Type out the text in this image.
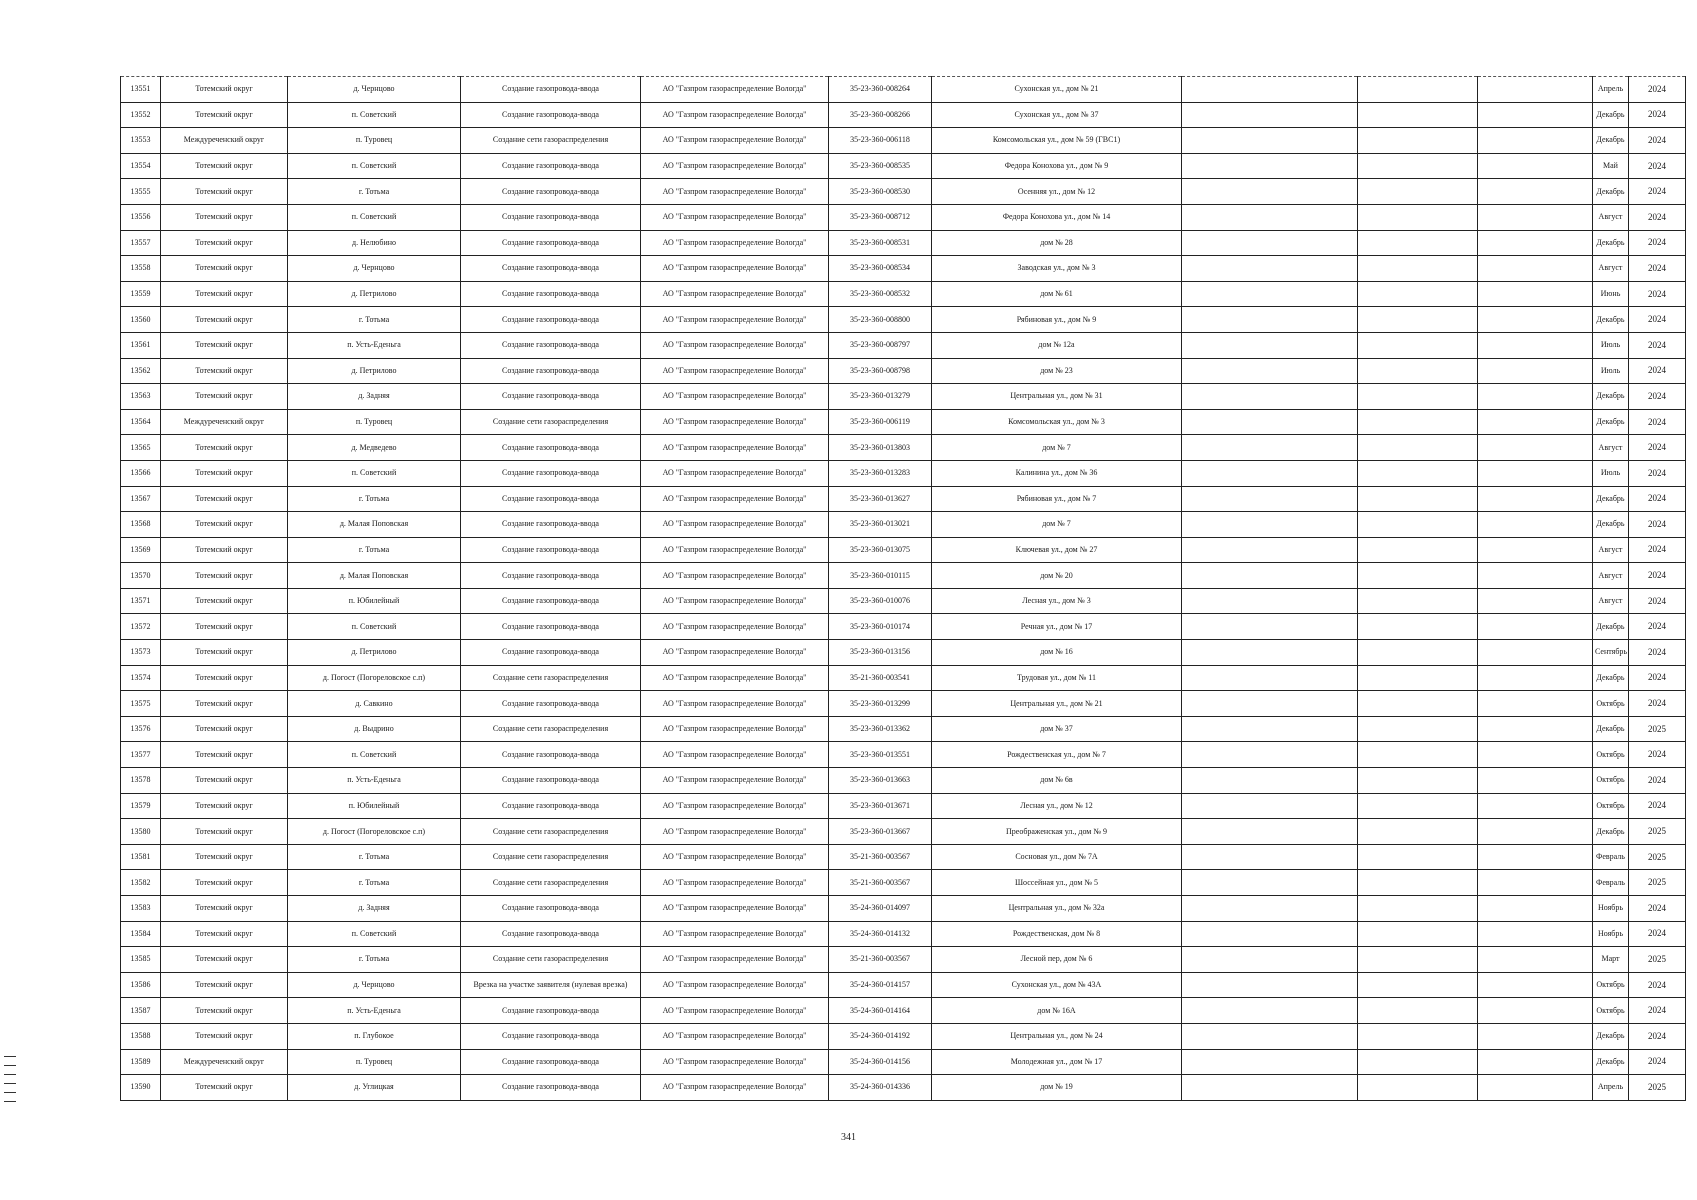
13551	Тотемский округ	д. Чернцово	Создание газопровода-ввода	АО "Газпром газораспределение Вологда"	35-23-360-008264	Сухонская ул., дом № 21				Апрель	2024
13552	Тотемский округ	п. Советский	Создание газопровода-ввода	АО "Газпром газораспределение Вологда"	35-23-360-008266	Сухонская ул., дом № 37				Декабрь	2024
13553	Междуреченский округ	п. Туровец	Создание сети газораспределения	АО "Газпром газораспределение Вологда"	35-23-360-006118	Комсомольская ул., дом № 59 (ГВС1)				Декабрь	2024
13554	Тотемский округ	п. Советский	Создание газопровода-ввода	АО "Газпром газораспределение Вологда"	35-23-360-008535	Федора Конохова ул., дом № 9				Май	2024
13555	Тотемский округ	г. Тотьма	Создание газопровода-ввода	АО "Газпром газораспределение Вологда"	35-23-360-008530	Осенняя ул., дом № 12				Декабрь	2024
13556	Тотемский округ	п. Советский	Создание газопровода-ввода	АО "Газпром газораспределение Вологда"	35-23-360-008712	Федора Конохова ул., дом № 14				Август	2024
13557	Тотемский округ	д. Нелюбино	Создание газопровода-ввода	АО "Газпром газораспределение Вологда"	35-23-360-008531	дом № 28				Декабрь	2024
13558	Тотемский округ	д. Чернцово	Создание газопровода-ввода	АО "Газпром газораспределение Вологда"	35-23-360-008534	Заводская ул., дом № 3				Август	2024
13559	Тотемский округ	д. Петрилово	Создание газопровода-ввода	АО "Газпром газораспределение Вологда"	35-23-360-008532	дом № 61				Июнь	2024
13560	Тотемский округ	г. Тотьма	Создание газопровода-ввода	АО "Газпром газораспределение Вологда"	35-23-360-008800	Рябиновая ул., дом № 9				Декабрь	2024
13561	Тотемский округ	п. Усть-Еденьга	Создание газопровода-ввода	АО "Газпром газораспределение Вологда"	35-23-360-008797	дом № 12а				Июль	2024
13562	Тотемский округ	д. Петрилово	Создание газопровода-ввода	АО "Газпром газораспределение Вологда"	35-23-360-008798	дом № 23				Июль	2024
13563	Тотемский округ	д. Задняя	Создание газопровода-ввода	АО "Газпром газораспределение Вологда"	35-23-360-013279	Центральная ул., дом № 31				Декабрь	2024
13564	Междуреченский округ	п. Туровец	Создание сети газораспределения	АО "Газпром газораспределение Вологда"	35-23-360-006119	Комсомольская ул., дом № 3				Декабрь	2024
13565	Тотемский округ	д. Медведево	Создание газопровода-ввода	АО "Газпром газораспределение Вологда"	35-23-360-013803	дом № 7				Август	2024
13566	Тотемский округ	п. Советский	Создание газопровода-ввода	АО "Газпром газораспределение Вологда"	35-23-360-013283	Калинина ул., дом № 36				Июль	2024
13567	Тотемский округ	г. Тотьма	Создание газопровода-ввода	АО "Газпром газораспределение Вологда"	35-23-360-013627	Рябиновая ул., дом № 7				Декабрь	2024
13568	Тотемский округ	д. Малая Поповская	Создание газопровода-ввода	АО "Газпром газораспределение Вологда"	35-23-360-013021	дом № 7				Декабрь	2024
13569	Тотемский округ	г. Тотьма	Создание газопровода-ввода	АО "Газпром газораспределение Вологда"	35-23-360-013075	Ключевая ул., дом № 27				Август	2024
13570	Тотемский округ	д. Малая Поповская	Создание газопровода-ввода	АО "Газпром газораспределение Вологда"	35-23-360-010115	дом № 20				Август	2024
13571	Тотемский округ	п. Юбилейный	Создание газопровода-ввода	АО "Газпром газораспределение Вологда"	35-23-360-010076	Лесная ул., дом № 3				Август	2024
13572	Тотемский округ	п. Советский	Создание газопровода-ввода	АО "Газпром газораспределение Вологда"	35-23-360-010174	Речная ул., дом № 17				Декабрь	2024
13573	Тотемский округ	д. Петрилово	Создание газопровода-ввода	АО "Газпром газораспределение Вологда"	35-23-360-013156	дом № 16				Сентябрь	2024
13574	Тотемский округ	д. Погост (Погореловское с.п)	Создание сети газораспределения	АО "Газпром газораспределение Вологда"	35-21-360-003541	Трудовая ул., дом № 11				Декабрь	2024
13575	Тотемский округ	д. Савкино	Создание газопровода-ввода	АО "Газпром газораспределение Вологда"	35-23-360-013299	Центральная ул., дом № 21				Октябрь	2024
13576	Тотемский округ	д. Выдрино	Создание сети газораспределения	АО "Газпром газораспределение Вологда"	35-23-360-013362	дом № 37				Декабрь	2025
13577	Тотемский округ	п. Советский	Создание газопровода-ввода	АО "Газпром газораспределение Вологда"	35-23-360-013551	Рождественская ул., дом № 7				Октябрь	2024
13578	Тотемский округ	п. Усть-Еденьга	Создание газопровода-ввода	АО "Газпром газораспределение Вологда"	35-23-360-013663	дом № 6в				Октябрь	2024
13579	Тотемский округ	п. Юбилейный	Создание газопровода-ввода	АО "Газпром газораспределение Вологда"	35-23-360-013671	Лесная ул., дом № 12				Октябрь	2024
13580	Тотемский округ	д. Погост (Погореловское с.п)	Создание сети газораспределения	АО "Газпром газораспределение Вологда"	35-23-360-013667	Преображенская ул., дом № 9				Декабрь	2025
13581	Тотемский округ	г. Тотьма	Создание сети газораспределения	АО "Газпром газораспределение Вологда"	35-21-360-003567	Сосновая ул., дом № 7А				Февраль	2025
13582	Тотемский округ	г. Тотьма	Создание сети газораспределения	АО "Газпром газораспределение Вологда"	35-21-360-003567	Шоссейная ул., дом № 5				Февраль	2025
13583	Тотемский округ	д. Задняя	Создание газопровода-ввода	АО "Газпром газораспределение Вологда"	35-24-360-014097	Центральная ул., дом № 32а				Ноябрь	2024
13584	Тотемский округ	п. Советский	Создание газопровода-ввода	АО "Газпром газораспределение Вологда"	35-24-360-014132	Рождественская, дом № 8				Ноябрь	2024
13585	Тотемский округ	г. Тотьма	Создание сети газораспределения	АО "Газпром газораспределение Вологда"	35-21-360-003567	Лесной пер, дом № 6				Март	2025
13586	Тотемский округ	д. Чернцово	Врезка на участке заявителя (нулевая врезка)	АО "Газпром газораспределение Вологда"	35-24-360-014157	Сухонская ул., дом № 43А				Октябрь	2024
13587	Тотемский округ	п. Усть-Еденьга	Создание газопровода-ввода	АО "Газпром газораспределение Вологда"	35-24-360-014164	дом № 16А				Октябрь	2024
13588	Тотемский округ	п. Глубокое	Создание газопровода-ввода	АО "Газпром газораспределение Вологда"	35-24-360-014192	Центральная ул., дом № 24				Декабрь	2024
13589	Междуреченский округ	п. Туровец	Создание газопровода-ввода	АО "Газпром газораспределение Вологда"	35-24-360-014156	Молодежная ул., дом № 17				Декабрь	2024
13590	Тотемский округ	д. Углицкая	Создание газопровода-ввода	АО "Газпром газораспределение Вологда"	35-24-360-014336	дом № 19				Апрель	2025
341
